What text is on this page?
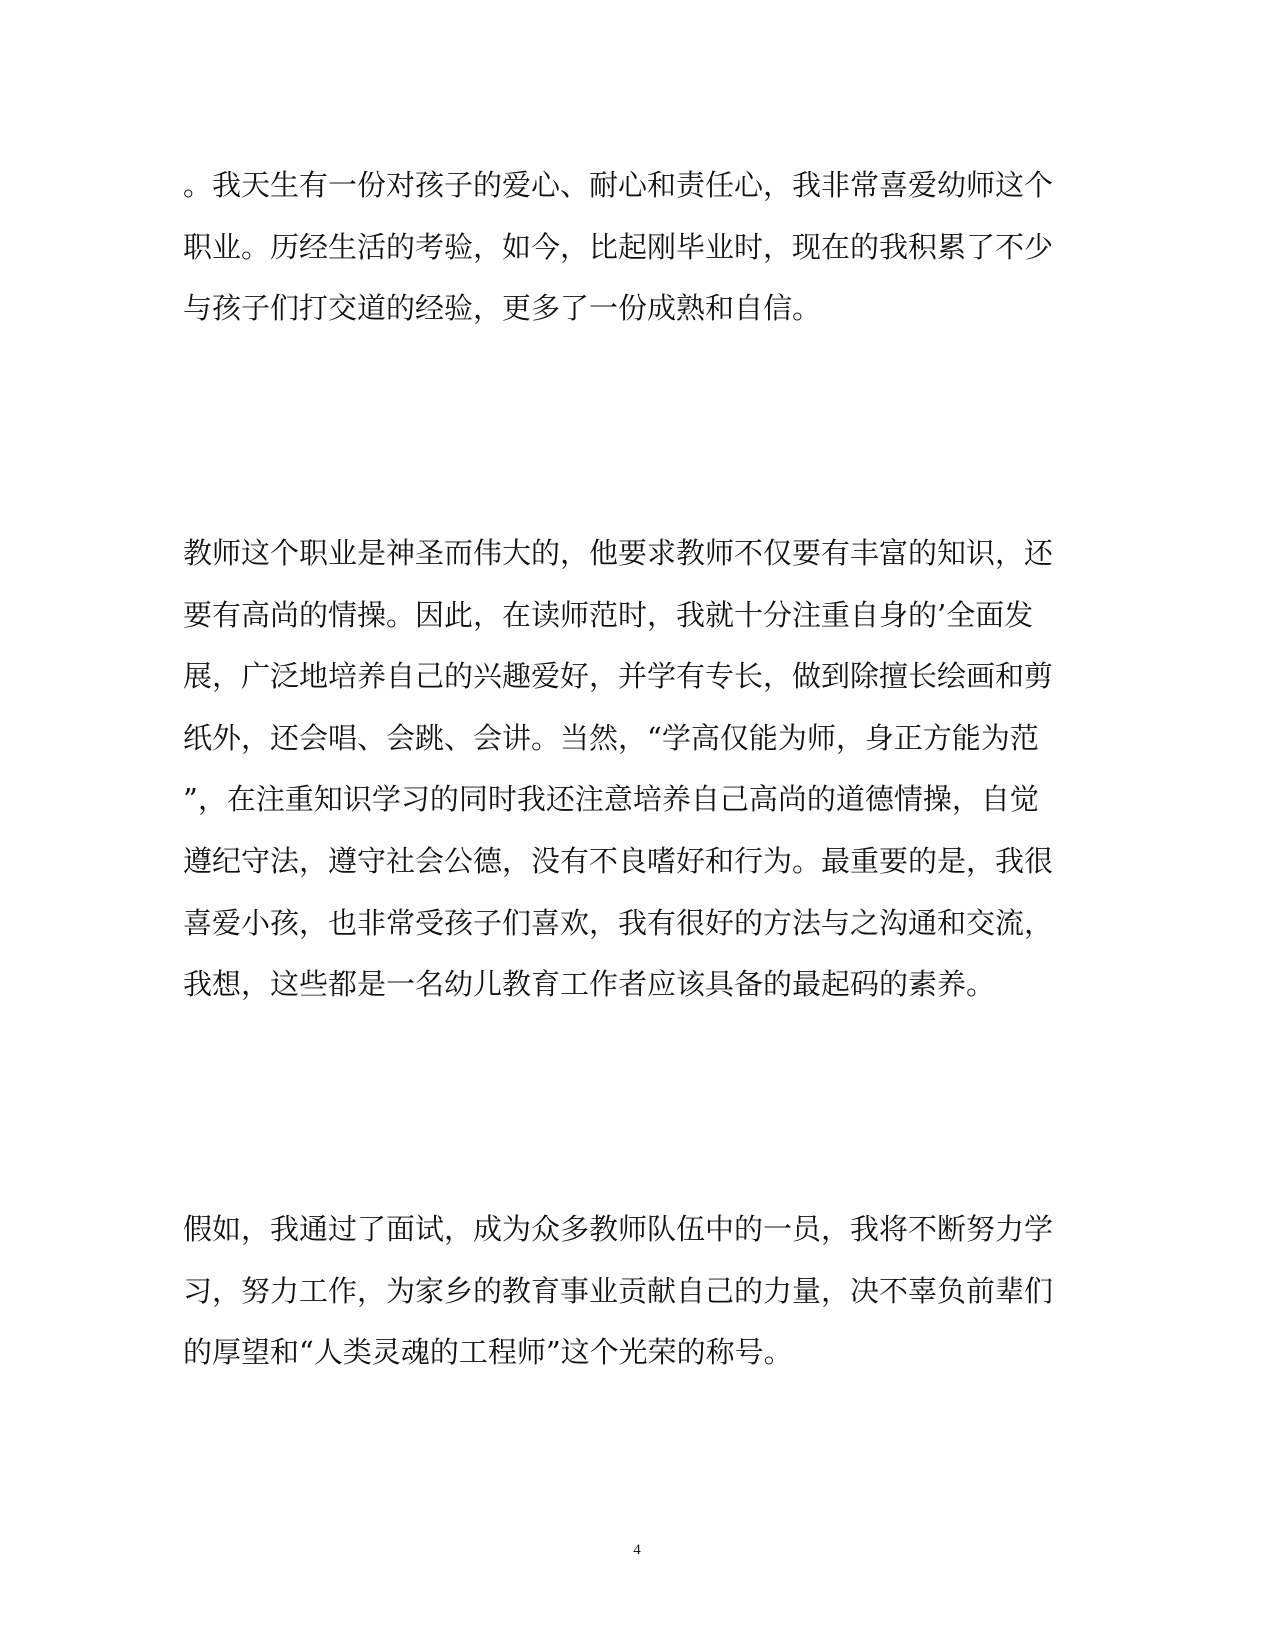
。我天生有一份对孩子的爱心、耐心和责任心，我非常喜爱幼师这个
职业。历经生活的考验，如今，比起刚毕业时，现在的我积累了不少
与孩子们打交道的经验，更多了一份成熟和自信。
教师这个职业是神圣而伟大的，他要求教师不仅要有丰富的知识，还
要有高尚的情操。因此，在读师范时，我就十分注重自身的’全面发
展，广泛地培养自己的兴趣爱好，并学有专长，做到除擅长绘画和剪
纸外，还会唱、会跳、会讲。当然，“学高仅能为师，身正方能为范
”，在注重知识学习的同时我还注意培养自己高尚的道德情操，自觉
遵纪守法，遵守社会公德，没有不良嗜好和行为。最重要的是，我很
喜爱小孩，也非常受孩子们喜欢，我有很好的方法与之沟通和交流，
我想，这些都是一名幼儿教育工作者应该具备的最起码的素养。
假如，我通过了面试，成为众多教师队伍中的一员，我将不断努力学
习，努力工作，为家乡的教育事业贡献自己的力量，决不辜负前辈们
的厚望和“人类灵魂的工程师”这个光荣的称号。
4
